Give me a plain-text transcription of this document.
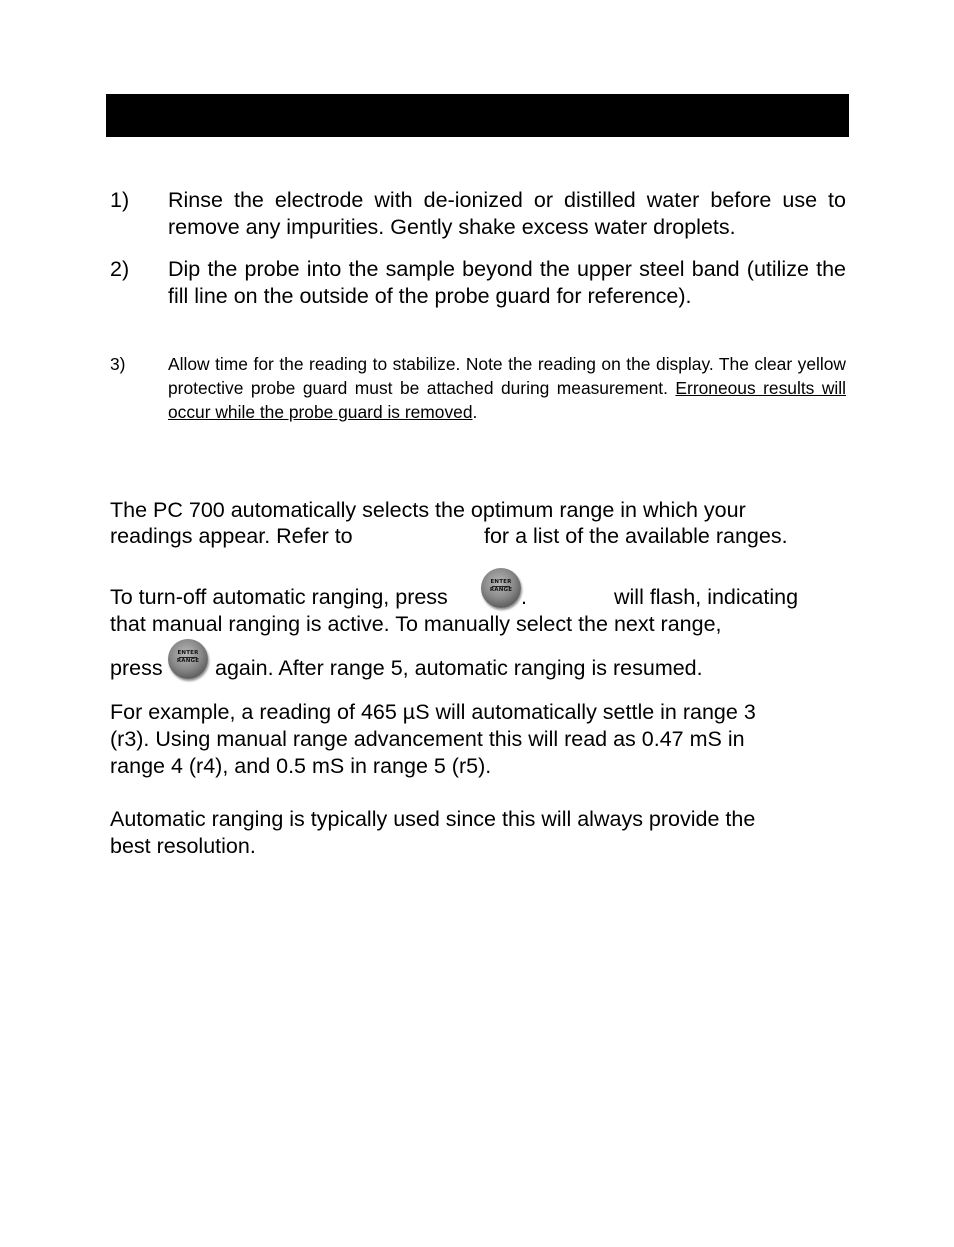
1) Rinse the electrode with de-ionized or distilled water before use to remove any impurities. Gently shake excess water droplets.
2) Dip the probe into the sample beyond the upper steel band (utilize the fill line on the outside of the probe guard for reference).
3) Allow time for the reading to stabilize. Note the reading on the display. The clear yellow protective probe guard must be attached during measurement. Erroneous results will occur while the probe guard is removed.
The PC 700 automatically selects the optimum range in which your
readings appear. Refer to	for a list of the available ranges.
To turn-off automatic ranging, press
ENTER
RANGE .	will flash, indicating
that manual ranging is active. To manually select the next range,
press
ENTER
RANGE again. After range 5, automatic ranging is resumed.
For example, a reading of 465 µS will automatically settle in range 3
(r3). Using manual range advancement this will read as 0.47 mS in
range 4 (r4), and 0.5 mS in range 5 (r5).
Automatic ranging is typically used since this will always provide the
best resolution.
